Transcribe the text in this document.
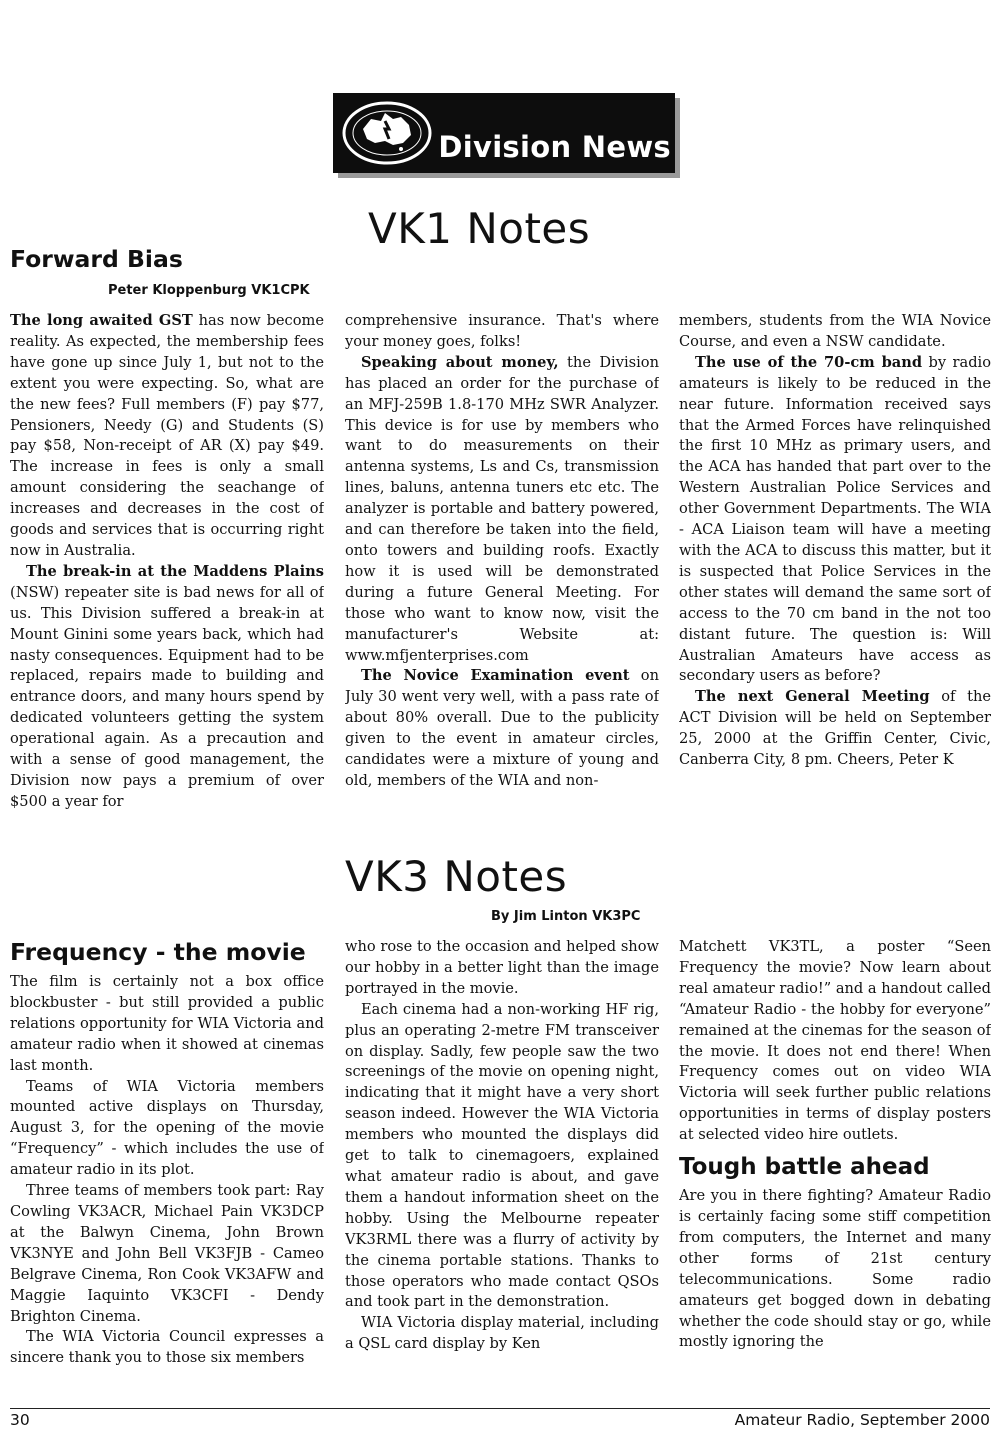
Division News
VK1 Notes
Forward Bias
Peter Kloppenburg VK1CPK

The long awaited GST has now become reality. As expected, the membership fees have gone up since July 1, but not to the extent you were expecting. So, what are the new fees? Full members (F) pay $77, Pensioners, Needy (G) and Students (S) pay $58, Non-receipt of AR (X) pay $49. The increase in fees is only a small amount considering the seachange of increases and decreases in the cost of goods and services that is occurring right now in Australia.

The break-in at the Maddens Plains (NSW) repeater site is bad news for all of us. This Division suffered a break-in at Mount Ginini some years back, which had nasty consequences. Equipment had to be replaced, repairs made to building and entrance doors, and many hours spend by dedicated volunteers getting the system operational again. As a precaution and with a sense of good management, the Division now pays a premium of over $500 a year for

comprehensive insurance. That's where your money goes, folks!

Speaking about money, the Division has placed an order for the purchase of an MFJ-259B 1.8-170 MHz SWR Analyzer. This device is for use by members who want to do measurements on their antenna systems, Ls and Cs, transmission lines, baluns, antenna tuners etc etc. The analyzer is portable and battery powered, and can therefore be taken into the field, onto towers and building roofs. Exactly how it is used will be demonstrated during a future General Meeting. For those who want to know now, visit the manufacturer's Website at: www.mfjenterprises.com

The Novice Examination event on July 30 went very well, with a pass rate of about 80% overall. Due to the publicity given to the event in amateur circles, candidates were a mixture of young and old, members of the WIA and non-

members, students from the WIA Novice Course, and even a NSW candidate.

The use of the 70-cm band by radio amateurs is likely to be reduced in the near future. Information received says that the Armed Forces have relinquished the first 10 MHz as primary users, and the ACA has handed that part over to the Western Australian Police Services and other Government Departments. The WIA - ACA Liaison team will have a meeting with the ACA to discuss this matter, but it is suspected that Police Services in the other states will demand the same sort of access to the 70 cm band in the not too distant future. The question is: Will Australian Amateurs have access as secondary users as before?

The next General Meeting of the ACT Division will be held on September 25, 2000 at the Griffin Center, Civic, Canberra City, 8 pm. Cheers, Peter K

VK3 Notes
By Jim Linton VK3PC
Frequency - the movie

The film is certainly not a box office blockbuster - but still provided a public relations opportunity for WIA Victoria and amateur radio when it showed at cinemas last month.

Teams of WIA Victoria members mounted active displays on Thursday, August 3, for the opening of the movie “Frequency” - which includes the use of amateur radio in its plot.

Three teams of members took part: Ray Cowling VK3ACR, Michael Pain VK3DCP at the Balwyn Cinema, John Brown VK3NYE and John Bell VK3FJB - Cameo Belgrave Cinema, Ron Cook VK3AFW and Maggie Iaquinto VK3CFI - Dendy Brighton Cinema.

The WIA Victoria Council expresses a sincere thank you to those six members

who rose to the occasion and helped show our hobby in a better light than the image portrayed in the movie.

Each cinema had a non-working HF rig, plus an operating 2-metre FM transceiver on display. Sadly, few people saw the two screenings of the movie on opening night, indicating that it might have a very short season indeed. However the WIA Victoria members who mounted the displays did get to talk to cinemagoers, explained what amateur radio is about, and gave them a handout information sheet on the hobby. Using the Melbourne repeater VK3RML there was a flurry of activity by the cinema portable stations. Thanks to those operators who made contact QSOs and took part in the demonstration.

WIA Victoria display material, including a QSL card display by Ken

Matchett VK3TL, a poster “Seen Frequency the movie? Now learn about real amateur radio!” and a handout called “Amateur Radio - the hobby for everyone” remained at the cinemas for the season of the movie. It does not end there! When Frequency comes out on video WIA Victoria will seek further public relations opportunities in terms of display posters at selected video hire outlets.

Tough battle ahead

Are you in there fighting? Amateur Radio is certainly facing some stiff competition from computers, the Internet and many other forms of 21st century telecommunications. Some radio amateurs get bogged down in debating whether the code should stay or go, while mostly ignoring the

30	Amateur Radio, September 2000
